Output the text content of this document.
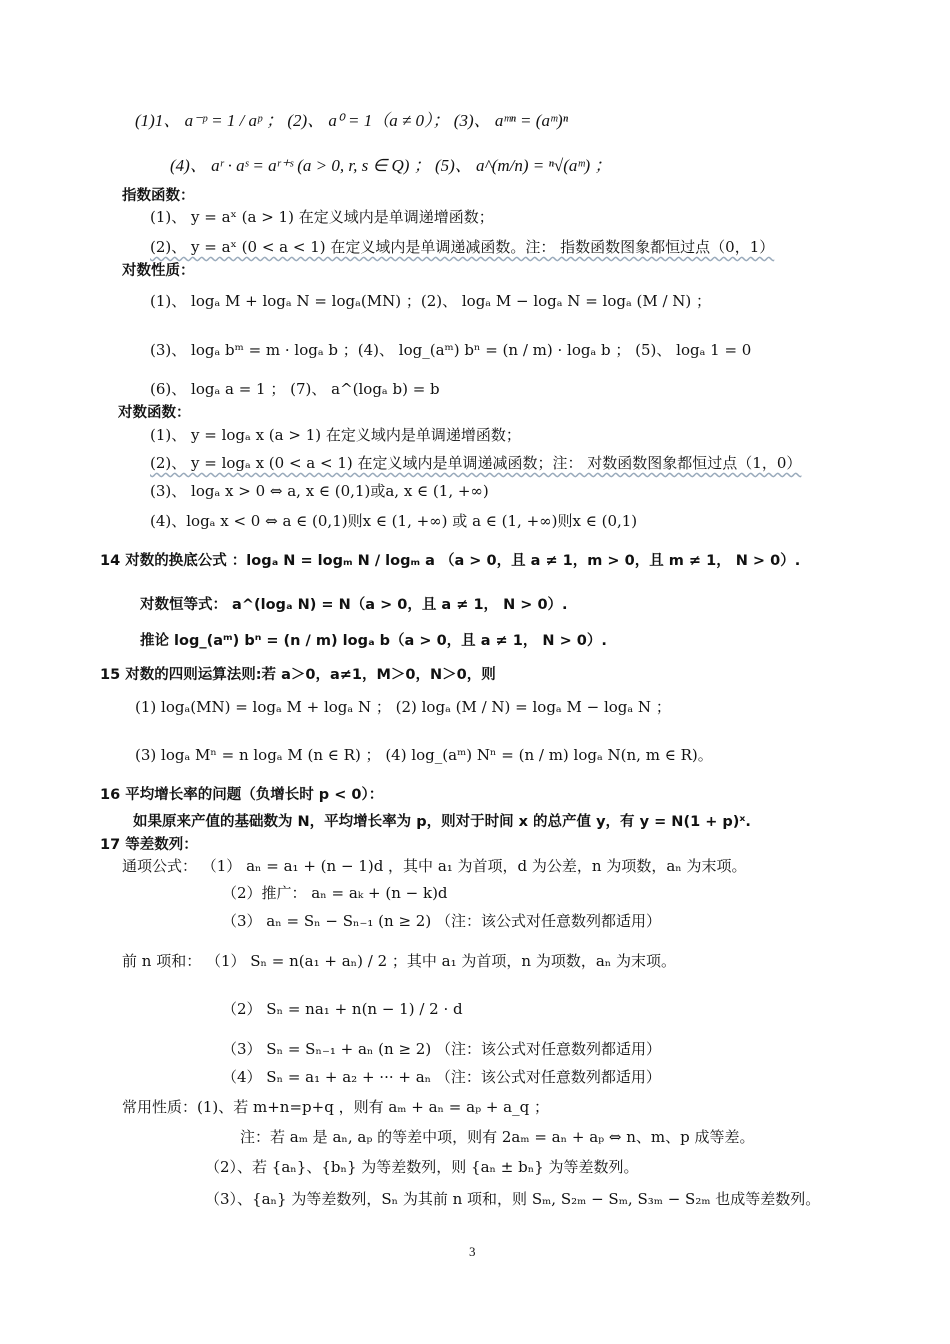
(1)1、 a⁻ᵖ = 1 / aᵖ ； (2)、 a⁰ = 1（a ≠ 0）； (3)、 aᵐⁿ = (aᵐ)ⁿ
(4)、 aʳ · aˢ = aʳ⁺ˢ (a > 0, r, s ∈ Q) ； (5)、 a^(m/n) = ⁿ√(aᵐ) ；
指数函数：
(1)、 y = aˣ (a > 1) 在定义域内是单调递增函数；
(2)、 y = aˣ (0 < a < 1) 在定义域内是单调递减函数。注： 指数函数图象都恒过点（0，1）
对数性质：
(1)、 logₐ M + logₐ N = logₐ(MN) ；(2)、 logₐ M − logₐ N = logₐ (M / N) ；
(3)、 logₐ bᵐ = m · logₐ b ；(4)、 log_(aᵐ) bⁿ = (n / m) · logₐ b ； (5)、 logₐ 1 = 0
(6)、 logₐ a = 1 ； (7)、 a^(logₐ b) = b
对数函数：
(1)、 y = logₐ x (a > 1) 在定义域内是单调递增函数；
(2)、 y = logₐ x (0 < a < 1) 在定义域内是单调递减函数；注： 对数函数图象都恒过点（1，0）
(3)、 logₐ x > 0 ⇔ a, x ∈ (0,1)或a, x ∈ (1, +∞)
(4)、logₐ x < 0 ⇔ a ∈ (0,1)则x ∈ (1, +∞) 或 a ∈ (1, +∞)则x ∈ (0,1)
14 对数的换底公式 ：logₐ N = logₘ N / logₘ a （a > 0，且 a ≠ 1，m > 0，且 m ≠ 1， N > 0）.
对数恒等式： a^(logₐ N) = N（a > 0，且 a ≠ 1， N > 0）.
推论 log_(aᵐ) bⁿ = (n / m) logₐ b（a > 0，且 a ≠ 1， N > 0）.
15 对数的四则运算法则:若 a＞0，a≠1，M＞0，N＞0，则
(1) logₐ(MN) = logₐ M + logₐ N ； (2) logₐ (M / N) = logₐ M − logₐ N ；
(3) logₐ Mⁿ = n logₐ M (n ∈ R) ； (4) log_(aᵐ) Nⁿ = (n / m) logₐ N(n, m ∈ R)。
16 平均增长率的问题（负增长时 p < 0）：
如果原来产值的基础数为 N，平均增长率为 p，则对于时间 x 的总产值 y，有 y = N(1 + p)ˣ.
17 等差数列：
通项公式： （1） aₙ = a₁ + (n − 1)d ，其中 a₁ 为首项，d 为公差，n 为项数，aₙ 为末项。
（2）推广： aₙ = aₖ + (n − k)d
（3） aₙ = Sₙ − Sₙ₋₁ (n ≥ 2) （注：该公式对任意数列都适用）
前 n 项和： （1） Sₙ = n(a₁ + aₙ) / 2 ；其中 a₁ 为首项，n 为项数，aₙ 为末项。
（2） Sₙ = na₁ + n(n − 1) / 2 · d
（3） Sₙ = Sₙ₋₁ + aₙ (n ≥ 2) （注：该公式对任意数列都适用）
（4） Sₙ = a₁ + a₂ + ··· + aₙ （注：该公式对任意数列都适用）
常用性质：(1)、若 m+n=p+q ，则有 aₘ + aₙ = aₚ + a_q ；
注：若 aₘ 是 aₙ, aₚ 的等差中项，则有 2aₘ = aₙ + aₚ ⇔ n、m、p 成等差。
（2）、若 {aₙ}、{bₙ} 为等差数列，则 {aₙ ± bₙ} 为等差数列。
（3）、{aₙ} 为等差数列，Sₙ 为其前 n 项和，则 Sₘ, S₂ₘ − Sₘ, S₃ₘ − S₂ₘ 也成等差数列。
3
